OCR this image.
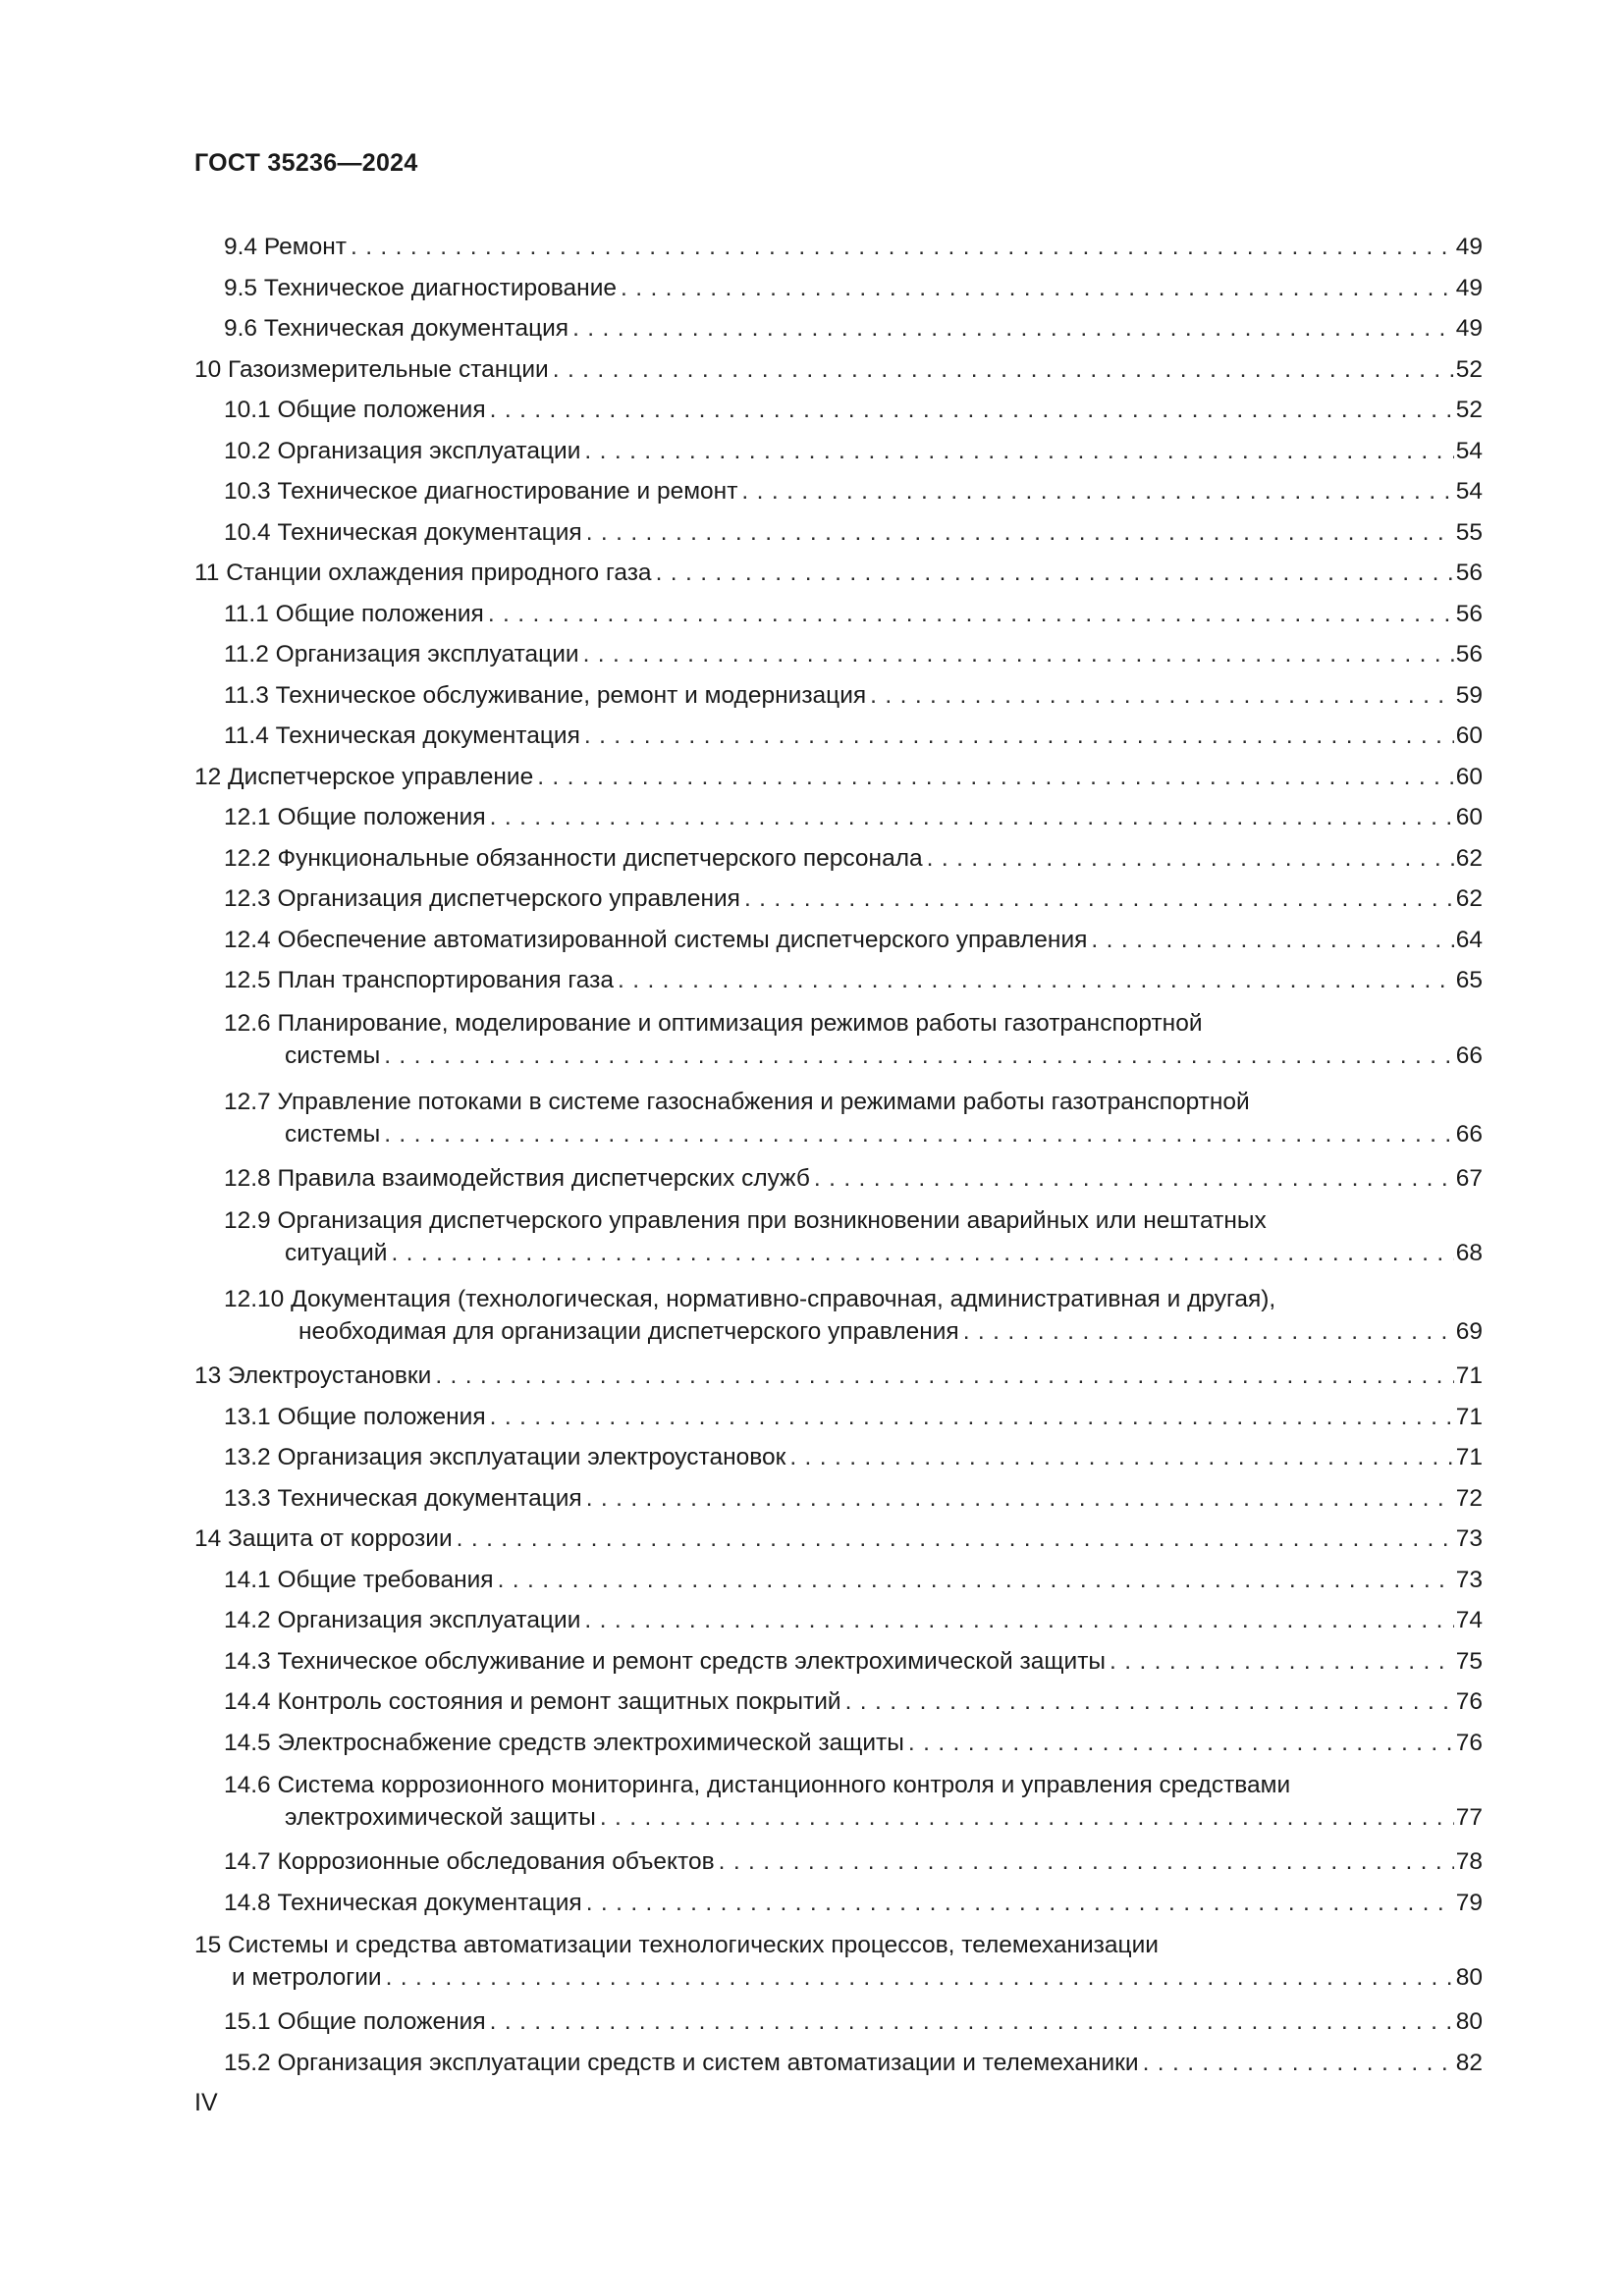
ГОСТ 35236—2024
9.4 Ремонт . . .	49
9.5 Техническое диагностирование . . .	49
9.6 Техническая документация . . .	49
10 Газоизмерительные станции . . .	52
10.1 Общие положения . . .	52
10.2 Организация эксплуатации . . .	54
10.3 Техническое диагностирование и ремонт . . .	54
10.4 Техническая документация . . .	55
11 Станции охлаждения природного газа . . .	56
11.1 Общие положения . . .	56
11.2 Организация эксплуатации . . .	56
11.3 Техническое обслуживание, ремонт и модернизация . . .	59
11.4 Техническая документация . . .	60
12 Диспетчерское управление . . .	60
12.1 Общие положения . . .	60
12.2 Функциональные обязанности диспетчерского персонала . . .	62
12.3 Организация диспетчерского управления . . .	62
12.4 Обеспечение автоматизированной системы диспетчерского управления . . .	64
12.5 План транспортирования газа . . .	65
12.6 Планирование, моделирование и оптимизация режимов работы газотранспортной
системы . . .	66
12.7 Управление потоками в системе газоснабжения и режимами работы газотранспортной
системы . . .	66
12.8 Правила взаимодействия диспетчерских служб . . .	67
12.9 Организация диспетчерского управления при возникновении аварийных или нештатных
ситуаций . . .	68
12.10 Документация (технологическая, нормативно-справочная, административная и другая),
необходимая для организации диспетчерского управления . . .	69
13 Электроустановки . . .	71
13.1 Общие положения . . .	71
13.2 Организация эксплуатации электроустановок . . .	71
13.3 Техническая документация . . .	72
14 Защита от коррозии . . .	73
14.1 Общие требования . . .	73
14.2 Организация эксплуатации . . .	74
14.3 Техническое обслуживание и ремонт средств электрохимической защиты . . .	75
14.4 Контроль состояния и ремонт защитных покрытий . . .	76
14.5 Электроснабжение средств электрохимической защиты . . .	76
14.6 Система коррозионного мониторинга, дистанционного контроля и управления средствами
электрохимической защиты . . .	77
14.7 Коррозионные обследования объектов . . .	78
14.8 Техническая документация . . .	79
15 Системы и средства автоматизации технологических процессов, телемеханизации
и метрологии . . .	80
15.1 Общие положения . . .	80
15.2 Организация эксплуатации средств и систем автоматизации и телемеханики . . .	82
IV
